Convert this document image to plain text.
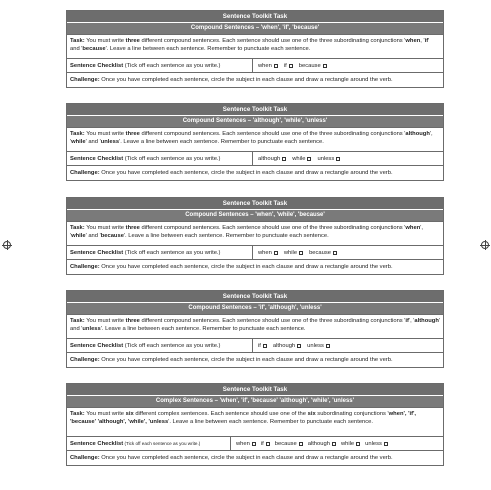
Sentence Toolkit Task
Compound Sentences – 'when', 'if', 'because'
Task: You must write three different compound sentences. Each sentence should use one of the three subordinating conjunctions 'when, 'if' and 'because'. Leave a line between each sentence. Remember to punctuate each sentence.
Sentence Checklist (Tick off each sentence as you write.)	when if because
Challenge: Once you have completed each sentence, circle the subject in each clause and draw a rectangle around the verb.
Sentence Toolkit Task
Compound Sentences – 'although', 'while', 'unless'
Task: You must write three different compound sentences. Each sentence should use one of the three subordinating conjunctions 'although', 'while' and 'unless'. Leave a line between each sentence. Remember to punctuate each sentence.
Sentence Checklist (Tick off each sentence as you write.)	although while unless
Challenge: Once you have completed each sentence, circle the subject in each clause and draw a rectangle around the verb.
Sentence Toolkit Task
Compound Sentences – 'when', 'while', 'because'
Task: You must write three different compound sentences. Each sentence should use one of the three subordinating conjunctions 'when', 'while' and 'because'. Leave a line between each sentence. Remember to punctuate each sentence.
Sentence Checklist (Tick off each sentence as you write.)	when while because
Challenge: Once you have completed each sentence, circle the subject in each clause and draw a rectangle around the verb.
Sentence Toolkit Task
Compound Sentences – 'if', 'although', 'unless'
Task: You must write three different compound sentences. Each sentence should use one of the three subordinating conjunctions 'if', 'although' and 'unless'. Leave a line between each sentence. Remember to punctuate each sentence.
Sentence Checklist (Tick off each sentence as you write.)	if although unless
Challenge: Once you have completed each sentence, circle the subject in each clause and draw a rectangle around the verb.
Sentence Toolkit Task
Complex Sentences – 'when', 'if', 'because' 'although', 'while', 'unless'
Task: You must write six different complex sentences. Each sentence should use one of the six subordinating conjunctions 'when', 'if', 'because' 'although', 'while', 'unless'. Leave a line between each sentence. Remember to punctuate each sentence.
Sentence Checklist (Tick off each sentence as you write.)	when if because although while unless
Challenge: Once you have completed each sentence, circle the subject in each clause and draw a rectangle around the verb.
